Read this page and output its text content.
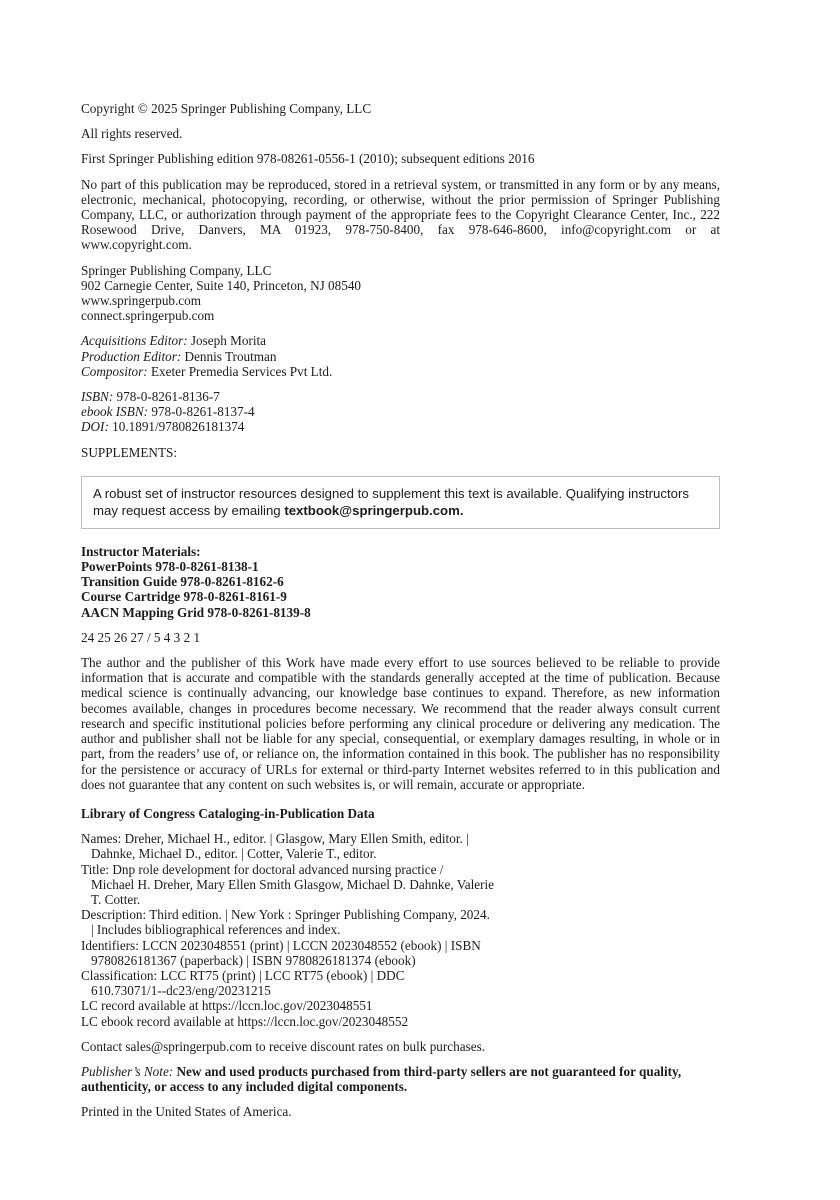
Copyright © 2025 Springer Publishing Company, LLC
All rights reserved.
First Springer Publishing edition 978-08261-0556-1 (2010); subsequent editions 2016
No part of this publication may be reproduced, stored in a retrieval system, or transmitted in any form or by any means, electronic, mechanical, photocopying, recording, or otherwise, without the prior permission of Springer Publishing Company, LLC, or authorization through payment of the appropriate fees to the Copyright Clearance Center, Inc., 222 Rosewood Drive, Danvers, MA 01923, 978-750-8400, fax 978-646-8600, info@copyright.com or at www.copyright.com.
Springer Publishing Company, LLC
902 Carnegie Center, Suite 140, Princeton, NJ 08540
www.springerpub.com
connect.springerpub.com
Acquisitions Editor: Joseph Morita
Production Editor: Dennis Troutman
Compositor: Exeter Premedia Services Pvt Ltd.
ISBN: 978-0-8261-8136-7
ebook ISBN: 978-0-8261-8137-4
DOI: 10.1891/9780826181374
SUPPLEMENTS:
A robust set of instructor resources designed to supplement this text is available. Qualifying instructors may request access by emailing textbook@springerpub.com.
Instructor Materials:
PowerPoints 978-0-8261-8138-1
Transition Guide 978-0-8261-8162-6
Course Cartridge 978-0-8261-8161-9
AACN Mapping Grid 978-0-8261-8139-8
24 25 26 27 / 5 4 3 2 1
The author and the publisher of this Work have made every effort to use sources believed to be reliable to provide information that is accurate and compatible with the standards generally accepted at the time of publication. Because medical science is continually advancing, our knowledge base continues to expand. Therefore, as new information becomes available, changes in procedures become necessary. We recommend that the reader always consult current research and specific institutional policies before performing any clinical procedure or delivering any medication. The author and publisher shall not be liable for any special, consequential, or exemplary damages resulting, in whole or in part, from the readers’ use of, or reliance on, the information contained in this book. The publisher has no responsibility for the persistence or accuracy of URLs for external or third-party Internet websites referred to in this publication and does not guarantee that any content on such websites is, or will remain, accurate or appropriate.
Library of Congress Cataloging-in-Publication Data
Names: Dreher, Michael H., editor. | Glasgow, Mary Ellen Smith, editor. |
Dahnke, Michael D., editor. | Cotter, Valerie T., editor.
Title: Dnp role development for doctoral advanced nursing practice /
Michael H. Dreher, Mary Ellen Smith Glasgow, Michael D. Dahnke, Valerie
T. Cotter.
Description: Third edition. | New York : Springer Publishing Company, 2024.
| Includes bibliographical references and index.
Identifiers: LCCN 2023048551 (print) | LCCN 2023048552 (ebook) | ISBN
9780826181367 (paperback) | ISBN 9780826181374 (ebook)
Classification: LCC RT75 (print) | LCC RT75 (ebook) | DDC
610.73071/1--dc23/eng/20231215
LC record available at https://lccn.loc.gov/2023048551
LC ebook record available at https://lccn.loc.gov/2023048552
Contact sales@springerpub.com to receive discount rates on bulk purchases.
Publisher’s Note: New and used products purchased from third-party sellers are not guaranteed for quality, authenticity, or access to any included digital components.
Printed in the United States of America.
